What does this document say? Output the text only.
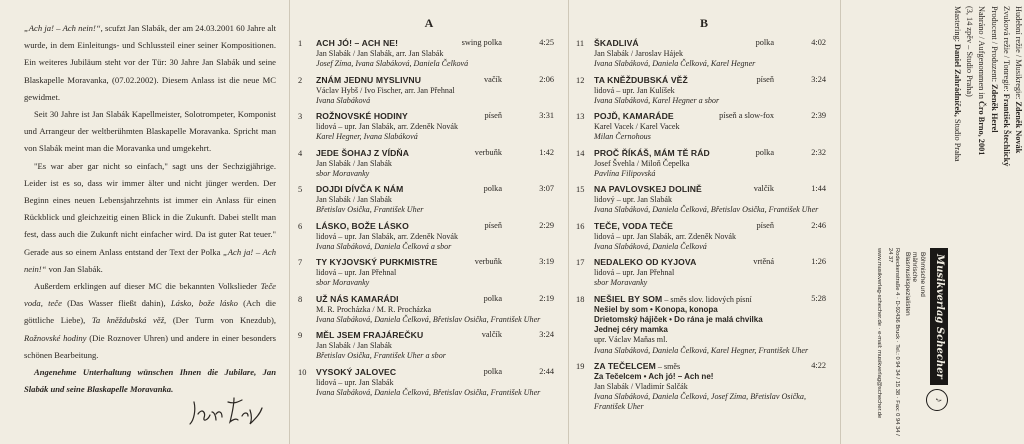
„Ach ja! – Ach nein!“, scufzt Jan Slabák, der am 24.03.2001 60 Jahre alt wurde, in dem Einleitungs- und Schlussteil einer seiner Kompositionen. Ein weiteres Jubiläum steht vor der Tür: 30 Jahre Jan Slabák und seine Blaskapelle Moravanka, (07.02.2002). Diesem Anlass ist die neue MC gewidmet.

Seit 30 Jahre ist Jan Slabák Kapellmeister, Solotrompeter, Komponist und Arrangeur der weltberühmten Blaskapelle Moravanka. Spricht man von Slabák meint man die Moravanka und umgekehrt.

"Es war aber gar nicht so einfach," sagt uns der Sechzigjährige. Leider ist es so, dass wir immer älter und nicht jünger werden. Der Beginn eines neuen Lebensjahrzehnts ist immer ein Anlass für einen Rückblick und gleichzeitig einen Blick in die Zukunft. Dabei stellt man fest, dass auch die Zukunft nicht einfacher wird. Da ist guter Rat teuer." Gerade aus so einem Anlass entstand der Text der Polka „Ach ja! – Ach nein!“ von Jan Slabák.

Außerdem erklingen auf dieser MC die bekannten Volkslieder Teče voda, teče (Das Wasser fließt dahin), Lásko, bože lásko (Ach die göttliche Liebe), Ta kněždubská věž, (Der Turm von Knezdub), Rožnovské hodiny (Die Roznover Uhren) und andere in einer besonders schönen Bearbeitung.

Angenehme Unterhaltung wünschen Ihnen die Jubilare, Jan Slabák und seine Blaskapelle Moravanka.

A
1	ACH JÓ! – ACH NE!	swing polka	4:25
Jan Slabák / Jan Slabák, arr. Jan Slabák
Josef Zíma, Ivana Slabáková, Daniela Čelková
2	ZNÁM JEDNU MYSLIVNU	vačík	2:06
Václav Hybš / Ivo Fischer, arr. Jan Přehnal
Ivana Slabáková
3	ROŽNOVSKÉ HODINY	píseň	3:31
lidová – upr. Jan Slabák, arr. Zdeněk Novák
Karel Hegner, Ivana Slabáková
4	JEDE ŠOHAJ Z VÍDŇA	verbuňk	1:42
Jan Slabák / Jan Slabák
sbor Moravanky
5	DOJDI DÍVČA K NÁM	polka	3:07
Jan Slabák / Jan Slabák
Břetislav Osička, František Uher
6	LÁSKO, BOŽE LÁSKO	píseň	2:29
lidová – upr. Jan Slabák, arr. Zdeněk Novák
Ivana Slabáková, Daniela Čelková a sbor
7	TY KYJOVSKÝ PURKMISTRE	verbuňk	3:19
lidová – upr. Jan Přehnal
sbor Moravanky
8	UŽ NÁS KAMARÁDI	polka	2:19
M. R. Procházka / M. R. Procházka
Ivana Slabáková, Daniela Čelková, Břetislav Osička, František Uher
9	MĚL JSEM FRAJÁREČKU	valčík	3:24
Jan Slabák / Jan Slabák
Břetislav Osička, František Uher a sbor
10	VYSOKÝ JALOVEC	polka	2:44
lidová – upr. Jan Slabák
Ivana Slabáková, Daniela Čelková, Břetislav Osička, František Uher
B
11	ŠKADLIVÁ	polka	4:02
Jan Slabák / Jaroslav Hájek
Ivana Slabáková, Daniela Čelková, Karel Hegner
12	TA KNĚŽDUBSKÁ VĚŽ	píseň	3:24
lidová – upr. Jan Kulíšek
Ivana Slabáková, Karel Hegner a sbor
13	POJĎ, KAMARÁDE	píseň a slow-fox	2:39
Karel Vacek / Karel Vacek
Milan Černohous
14	PROČ ŘÍKÁŠ, MÁM TĚ RÁD	polka	2:32
Josef Švehla / Miloň Čepelka
Pavlína Filipovská
15	NA PAVLOVSKEJ DOLINĚ	valčík	1:44
lidový – upr. Jan Slabák
Ivana Slabáková, Daniela Čelková, Břetislav Osička, František Uher
16	TEČE, VODA TEČE	píseň	2:46
lidová – upr. Jan Slabák, arr. Zdeněk Novák
Ivana Slabáková, Daniela Čelková
17	NEDALEKO OD KYJOVA	vrtěná	1:26
lidová – upr. Jan Přehnal
sbor Moravanky
18	NEŠIEL BY SOM – směs slov. lidových písní	5:28
Nešiel by som • Konopa, konopa
Drietomský hájiček • Do rána je malá chvilka
Jednej céry mamka
upr. Václav Maňas ml.
Ivana Slabáková, Daniela Čelková, Karel Hegner, František Uher
19	ZA TEČELCEM – směs	4:22
Za Tečelcem • Ach jó! – Ach ne!
Jan Slabák / Vladimír Salčák
Ivana Slabáková, Daniela Čelková, Josef Zíma, Břetislav Osička, František Uher
Hudební režie / Musikregie: Zdeněk Novák
Zvuková režie / Tonregie: František Štechlický
Producent / Produzent: Zdeněk Herel
Nahráno / Aufgenommen in Čro Brno, 2001
(3, 14 zpěv – Studio Praha)
Mastering: Daniel Zahrádníček, Studio Praha
Musikverlag Schecher♪Böhmische und mährische Blasmusikspezialisten
Rodeckenstraße 4 · D-92436 Bruck · Tel.: 0 94 34 / 15 38 · Fax: 0 94 34 / 24 37
www.musikverlag-schecher.de · e-mail: musikverlag@schecher.de
